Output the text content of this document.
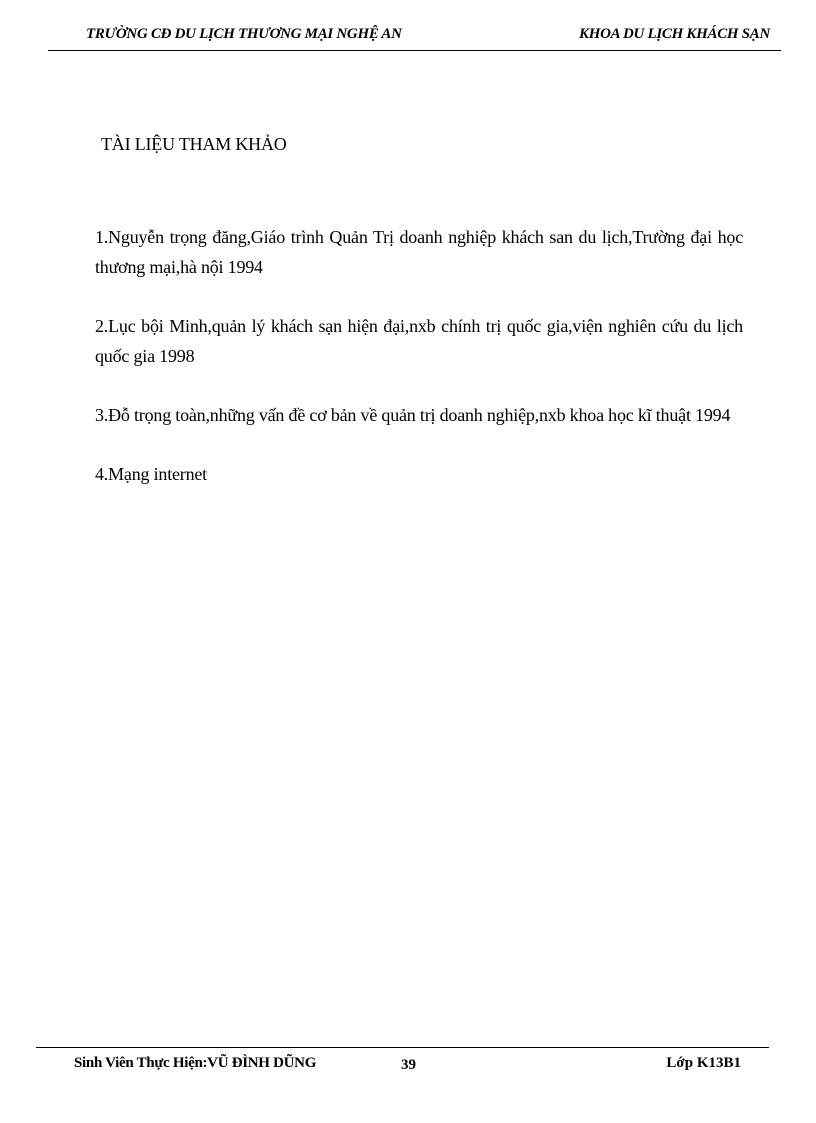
TRƯỜNG CĐ DU LỊCH THƯƠNG MẠI NGHỆ AN	KHOA DU LỊCH KHÁCH SẠN
TÀI LIỆU THAM KHẢO
1.Nguyễn trọng đăng,Giáo trình Quản Trị doanh nghiệp khách san du lịch,Trường đại học thương mại,hà nội 1994
2.Lục bội Minh,quản lý khách sạn hiện đại,nxb chính trị quốc gia,viện nghiên cứu du lịch quốc gia 1998
3.Đỗ trọng toàn,những vấn đề cơ bản về quản trị doanh nghiệp,nxb khoa học kĩ thuật 1994
4.Mạng internet
Sinh Viên Thực Hiện:VŨ ĐÌNH DŨNG	39	Lớp K13B1
